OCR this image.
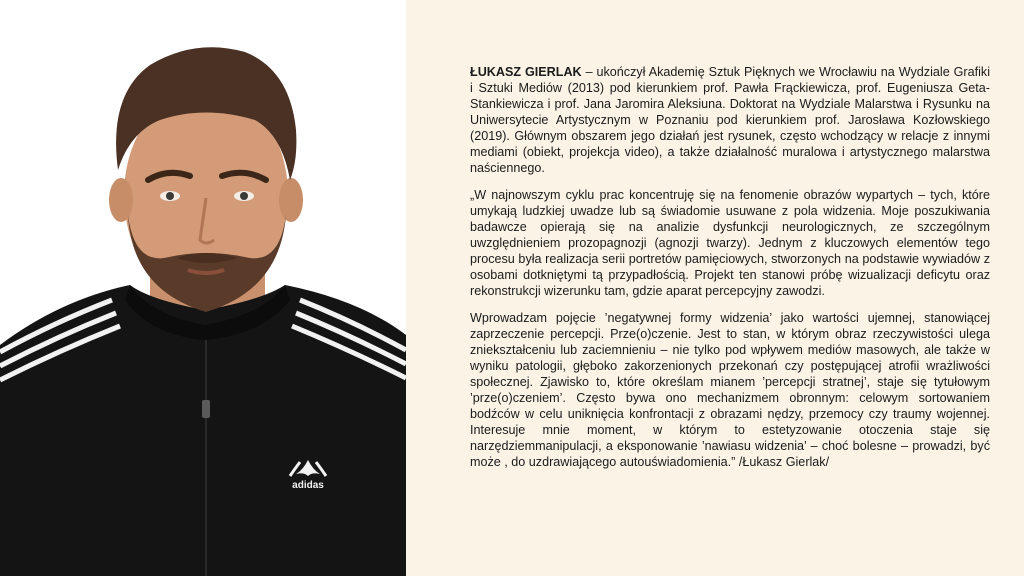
adidas

ŁUKASZ GIERLAK – ukończył Akademię Sztuk Pięknych we Wrocławiu na Wydziale Grafiki i Sztuki Mediów (2013) pod kierunkiem prof. Pawła Frąckiewicza, prof. Eugeniusza Geta-Stankiewicza i prof. Jana Jaromira Aleksiuna. Doktorat na Wydziale Malarstwa i Rysunku na Uniwersytecie Artystycznym w Poznaniu pod kierunkiem prof. Jarosława Kozłowskiego (2019). Głównym obszarem jego działań jest rysunek, często wchodzący w relacje z innymi mediami (obiekt, projekcja video), a także działalność muralowa i artystycznego malarstwa naściennego.

„W najnowszym cyklu prac koncentruję się na fenomenie obrazów wypartych – tych, które umykają ludzkiej uwadze lub są świadomie usuwane z pola widzenia. Moje poszukiwania badawcze opierają się na analizie dysfunkcji neurologicznych, ze szczególnym uwzględnieniem prozopagnozji (agnozji twarzy). Jednym z kluczowych elementów tego procesu była realizacja serii portretów pamięciowych, stworzonych na podstawie wywiadów z osobami dotkniętymi tą przypadłością. Projekt ten stanowi próbę wizualizacji deficytu oraz rekonstrukcji wizerunku tam, gdzie aparat percepcyjny zawodzi.

Wprowadzam pojęcie ’negatywnej formy widzenia’ jako wartości ujemnej, stanowiącej zaprzeczenie percepcji. Prze(o)czenie. Jest to stan, w którym obraz rzeczywistości ulega zniekształceniu lub zaciemnieniu – nie tylko pod wpływem mediów masowych, ale także w wyniku patologii, głęboko zakorzenionych przekonań czy postępującej atrofii wrażliwości społecznej. Zjawisko to, które określam mianem ’percepcji stratnej’, staje się tytułowym ’prze(o)czeniem’. Często bywa ono mechanizmem obronnym: celowym sortowaniem bodźców w celu uniknięcia konfrontacji z obrazami nędzy, przemocy czy traumy wojennej. Interesuje mnie moment, w którym to estetyzowanie otoczenia staje się narzędziemmanipulacji, a eksponowanie ’nawiasu widzenia’ – choć bolesne – prowadzi, być może , do uzdrawiającego autouświadomienia.” /Łukasz Gierlak/
